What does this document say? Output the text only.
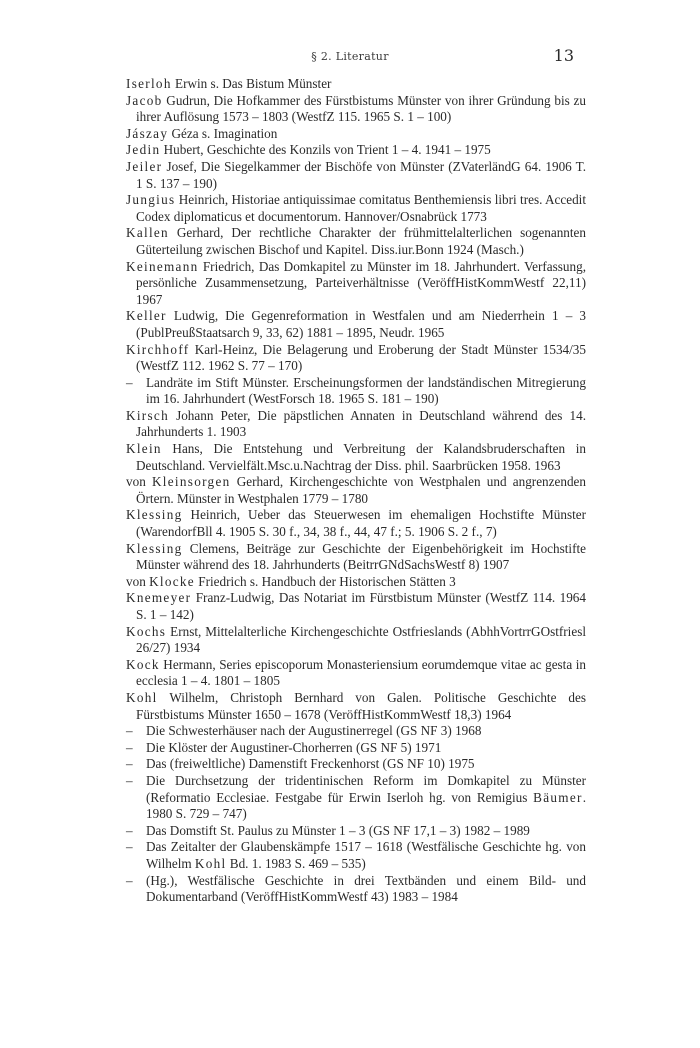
§ 2. Literatur	13

Iserloh Erwin s. Das Bistum Münster

Jacob Gudrun, Die Hofkammer des Fürstbistums Münster von ihrer Gründung bis zu ihrer Auflösung 1573 – 1803 (WestfZ 115. 1965 S. 1 – 100)

Jászay Géza s. Imagination

Jedin Hubert, Geschichte des Konzils von Trient 1 – 4. 1941 – 1975

Jeiler Josef, Die Siegelkammer der Bischöfe von Münster (ZVaterländG 64. 1906 T. 1 S. 137 – 190)

Jungius Heinrich, Historiae antiquissimae comitatus Benthemiensis libri tres. Accedit Codex diplomaticus et documentorum. Hannover/Osnabrück 1773

Kallen Gerhard, Der rechtliche Charakter der frühmittelalterlichen sogenannten Güterteilung zwischen Bischof und Kapitel. Diss.iur.Bonn 1924 (Masch.)

Keinemann Friedrich, Das Domkapitel zu Münster im 18. Jahrhundert. Verfassung, persönliche Zusammensetzung, Parteiverhältnisse (VeröffHistKommWestf 22,11) 1967

Keller Ludwig, Die Gegenreformation in Westfalen und am Niederrhein 1 – 3 (PublPreußStaatsarch 9, 33, 62) 1881 – 1895, Neudr. 1965

Kirchhoff Karl-Heinz, Die Belagerung und Eroberung der Stadt Münster 1534/35 (WestfZ 112. 1962 S. 77 – 170)

– Landräte im Stift Münster. Erscheinungsformen der landständischen Mitregierung im 16. Jahrhundert (WestForsch 18. 1965 S. 181 – 190)

Kirsch Johann Peter, Die päpstlichen Annaten in Deutschland während des 14. Jahrhunderts 1. 1903

Klein Hans, Die Entstehung und Verbreitung der Kalandsbruderschaften in Deutschland. Vervielfält.Msc.u.Nachtrag der Diss. phil. Saarbrücken 1958. 1963

von Kleinsorgen Gerhard, Kirchengeschichte von Westphalen und angrenzenden Örtern. Münster in Westphalen 1779 – 1780

Klessing Heinrich, Ueber das Steuerwesen im ehemaligen Hochstifte Münster (WarendorfBll 4. 1905 S. 30 f., 34, 38 f., 44, 47 f.; 5. 1906 S. 2 f., 7)

Klessing Clemens, Beiträge zur Geschichte der Eigenbehörigkeit im Hochstifte Münster während des 18. Jahrhunderts (BeitrrGNdSachsWestf 8) 1907

von Klocke Friedrich s. Handbuch der Historischen Stätten 3

Knemeyer Franz-Ludwig, Das Notariat im Fürstbistum Münster (WestfZ 114. 1964 S. 1 – 142)

Kochs Ernst, Mittelalterliche Kirchengeschichte Ostfrieslands (AbhhVortrrGOstfriesl 26/27) 1934

Kock Hermann, Series episcoporum Monasteriensium eorumdemque vitae ac gesta in ecclesia 1 – 4. 1801 – 1805

Kohl Wilhelm, Christoph Bernhard von Galen. Politische Geschichte des Fürstbistums Münster 1650 – 1678 (VeröffHistKommWestf 18,3) 1964

– Die Schwesterhäuser nach der Augustinerregel (GS NF 3) 1968

– Die Klöster der Augustiner-Chorherren (GS NF 5) 1971

– Das (freiweltliche) Damenstift Freckenhorst (GS NF 10) 1975

– Die Durchsetzung der tridentinischen Reform im Domkapitel zu Münster (Reformatio Ecclesiae. Festgabe für Erwin Iserloh hg. von Remigius Bäumer. 1980 S. 729 – 747)

– Das Domstift St. Paulus zu Münster 1 – 3 (GS NF 17,1 – 3) 1982 – 1989

– Das Zeitalter der Glaubenskämpfe 1517 – 1618 (Westfälische Geschichte hg. von Wilhelm Kohl Bd. 1. 1983 S. 469 – 535)

– (Hg.), Westfälische Geschichte in drei Textbänden und einem Bild- und Dokumentarband (VeröffHistKommWestf 43) 1983 – 1984
